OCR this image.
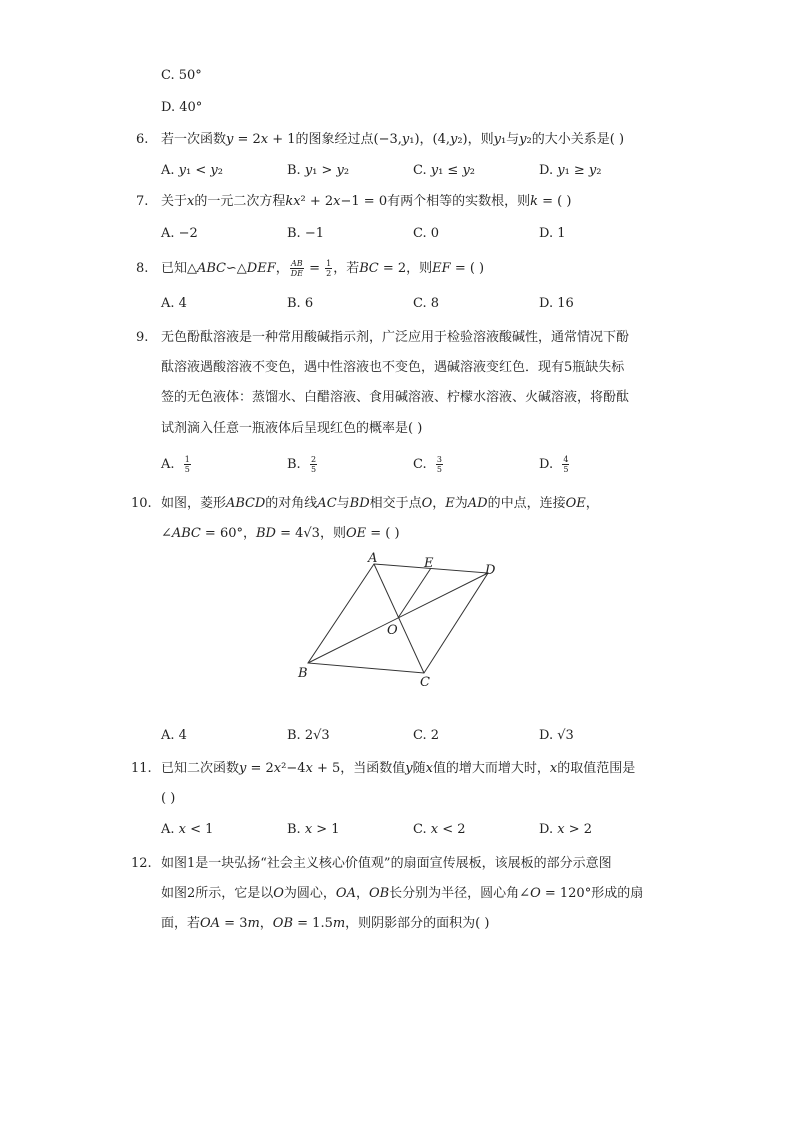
C. 50°
D. 40°
6. 若一次函数𝑦 = 2𝑥 + 1的图象经过点(−3,𝑦₁)，(4,𝑦₂)，则𝑦₁与𝑦₂的大小关系是( )
A. 𝑦₁ < 𝑦₂	B. 𝑦₁ > 𝑦₂	C. 𝑦₁ ≤ 𝑦₂	D. 𝑦₁ ≥ 𝑦₂
7. 关于𝑥的一元二次方程𝑘𝑥² + 2𝑥−1 = 0有两个相等的实数根，则𝑘 = ( )
A. −2	B. −1	C. 0	D. 1
8. 已知△𝐴𝐵𝐶∽△𝐷𝐸𝐹， $\frac{\text{𝐴𝐵}}{\text{𝐷𝐸}} = \frac{1}{2}$ ，若𝐵𝐶 = 2，则𝐸𝐹 = ( )
A. 4	B. 6	C. 8	D. 16
9. 无色酚酞溶液是一种常用酸碱指示剂，广泛应用于检验溶液酸碱性，通常情况下酚
酞溶液遇酸溶液不变色，遇中性溶液也不变色，遇碱溶液变红色．现有5瓶缺失标
签的无色液体：蒸馏水、白醋溶液、食用碱溶液、柠檬水溶液、火碱溶液，将酚酞
试剂滴入任意一瓶液体后呈现红色的概率是( )
A. $\frac{1}{5}$	B. $\frac{2}{5}$	C. $\frac{3}{5}$	D. $\frac{4}{5}$
10. 如图，菱形𝐴𝐵𝐶𝐷的对角线𝐴𝐶与𝐵𝐷相交于点𝑂，𝐸为𝐴𝐷的中点，连接𝑂𝐸，
∠𝐴𝐵𝐶 = 60°，𝐵𝐷 = 4√3，则𝑂𝐸 = ( )
A	E	D
O
B
C
A. 4	B. 2√3	C. 2	D. √3
11. 已知二次函数𝑦 = 2𝑥²−4𝑥 + 5，当函数值𝑦随𝑥值的增大而增大时，𝑥的取值范围是
( )
A. 𝑥 < 1	B. 𝑥 > 1	C. 𝑥 < 2	D. 𝑥 > 2
12. 如图1是一块弘扬“社会主义核心价值观”的扇面宣传展板，该展板的部分示意图
如图2所示，它是以𝑂为圆心，𝑂𝐴，𝑂𝐵长分别为半径，圆心角∠𝑂 = 120°形成的扇
面，若𝑂𝐴 = 3𝑚，𝑂𝐵 = 1.5𝑚，则阴影部分的面积为( )
